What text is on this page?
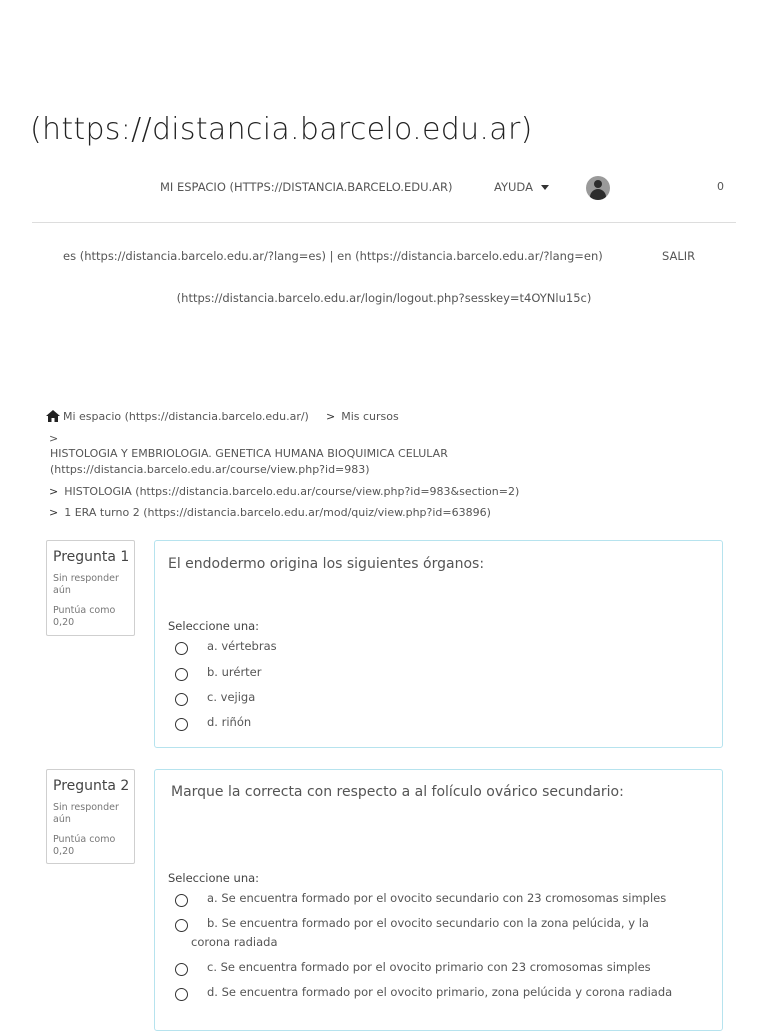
(https://distancia.barcelo.edu.ar)
MI ESPACIO (HTTPS://DISTANCIA.BARCELO.EDU.AR)	AYUDA	0
es (https://distancia.barcelo.edu.ar/?lang=es) | en (https://distancia.barcelo.edu.ar/?lang=en)	SALIR
(https://distancia.barcelo.edu.ar/login/logout.php?sesskey=t4OYNlu15c)
Mi espacio (https://distancia.barcelo.edu.ar/) > Mis cursos
>
HISTOLOGIA Y EMBRIOLOGIA. GENETICA HUMANA BIOQUIMICA CELULAR
(https://distancia.barcelo.edu.ar/course/view.php?id=983)
> HISTOLOGIA (https://distancia.barcelo.edu.ar/course/view.php?id=983&section=2)
> 1 ERA turno 2 (https://distancia.barcelo.edu.ar/mod/quiz/view.php?id=63896)
Pregunta 1
Sin responder aún
Puntúa como 0,20
El endodermo origina los siguientes órganos:
Seleccione una:
a. vértebras
b. urérter
c. vejiga
d. riñón
Pregunta 2
Sin responder aún
Puntúa como 0,20
Marque la correcta con respecto a al folículo ovárico secundario:
Seleccione una:
a. Se encuentra formado por el ovocito secundario con 23 cromosomas simples
b. Se encuentra formado por el ovocito secundario con la zona pelúcida, y la corona radiada
c. Se encuentra formado por el ovocito primario con 23 cromosomas simples
d. Se encuentra formado por el ovocito primario, zona pelúcida y corona radiada
